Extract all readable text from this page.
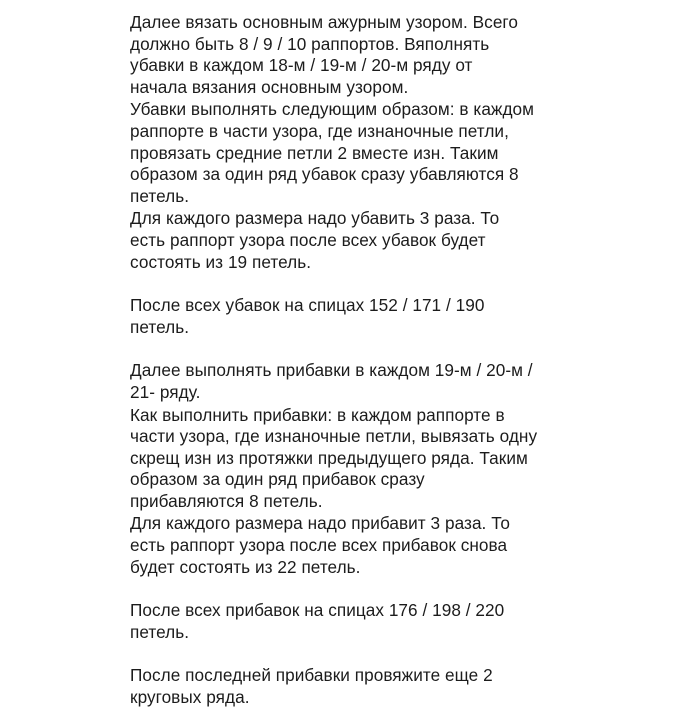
Далее вязать основным ажурным узором. Всего
должно быть 8 / 9 / 10 раппортов. Вяполнять
убавки в каждом 18-м / 19-м / 20-м ряду от
начала вязания основным узором.

Убавки выполнять следующим образом: в каждом
раппорте в части узора, где изнаночные петли,
провязать средние петли 2 вместе изн. Таким
образом за один ряд убавок сразу убавляются 8
петель.

Для каждого размера надо убавить 3 раза. То
есть раппорт узора после всех убавок будет
состоять из 19 петель.

После всех убавок на спицах 152 / 171 / 190
петель.

Далее выполнять прибавки в каждом 19-м / 20-м /
21- ряду.

Как выполнить прибавки: в каждом раппорте в
части узора, где изнаночные петли, вывязать одну
скрещ изн из протяжки предыдущего ряда. Таким
образом за один ряд прибавок сразу
прибавляются 8 петель.

Для каждого размера надо прибавит 3 раза. То
есть раппорт узора после всех прибавок снова
будет состоять из 22 петель.

После всех прибавок на спицах 176 / 198 / 220
петель.

После последней прибавки провяжите еще 2
круговых ряда.
